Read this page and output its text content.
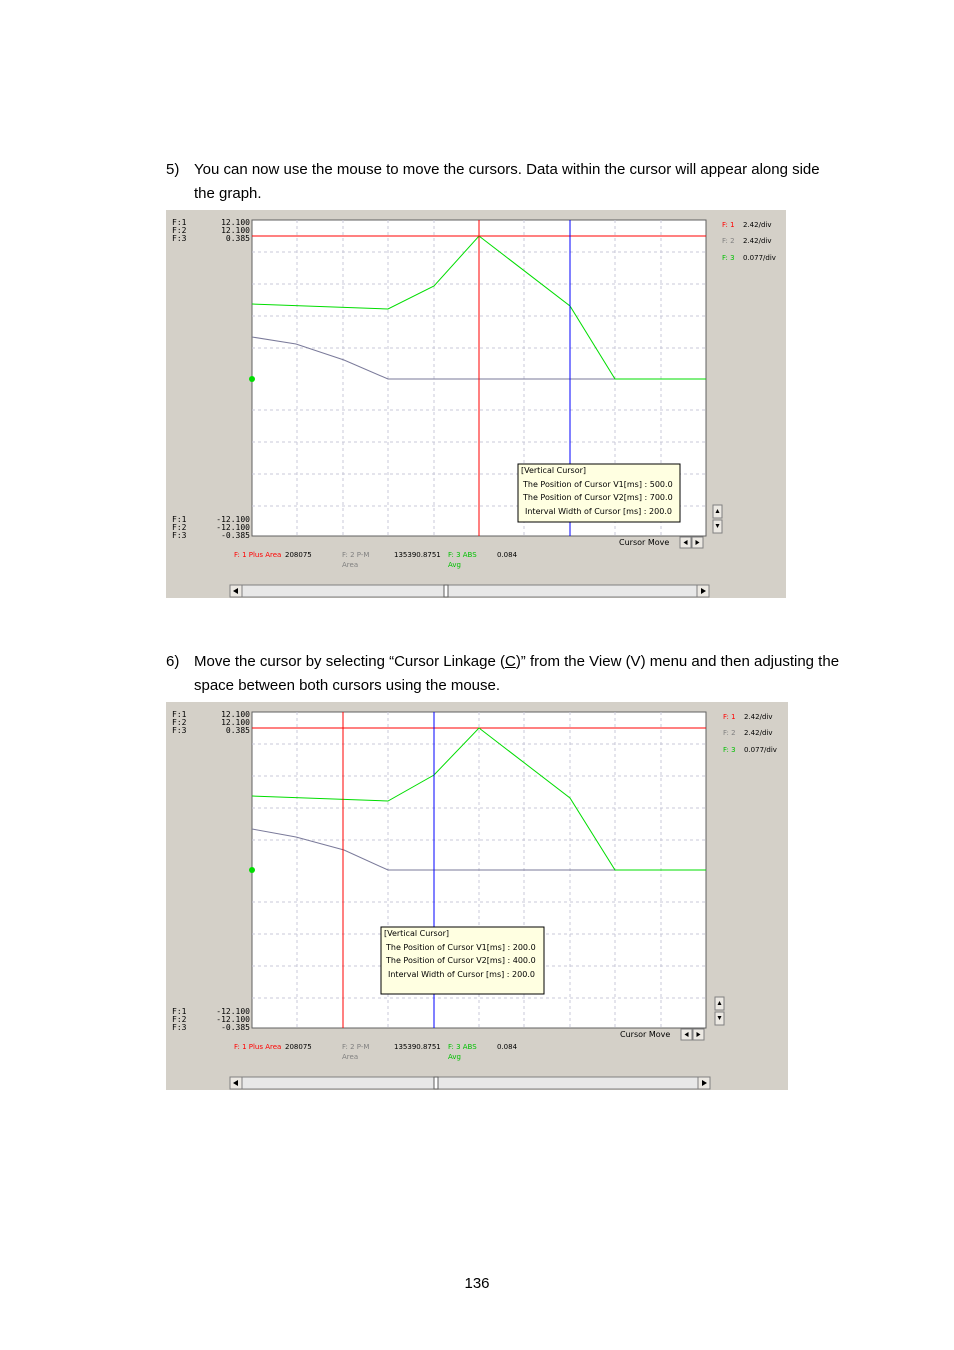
5) You can now use the mouse to move the cursors. Data within the cursor will appear along side the graph.
[Vertical Cursor]
The Position of Cursor V1[ms] : 500.0
The Position of Cursor V2[ms] : 700.0
Interval Width of Cursor [ms] : 200.0
F:1
F:2
F:3
12.100
12.100
0.385
F:1
F:2
F:3
-12.100
-12.100
-0.385
F: 1 2.42/div
F: 2 2.42/div
F: 3 0.077/div
Cursor Move
F: 1 Plus Area 208075	F: 2 P-M
Area
135390.8751 F: 3 ABS
Avg
0.084
6) Move the cursor by selecting “Cursor Linkage (C)” from the View (V) menu and then adjusting the space between both cursors using the mouse.
[Vertical Cursor]
The Position of Cursor V1[ms] : 200.0
The Position of Cursor V2[ms] : 400.0
Interval Width of Cursor [ms] : 200.0
F:1
F:2
F:3
12.100
12.100
0.385
F:1
F:2
F:3
-12.100
-12.100
-0.385
F: 1 2.42/div
F: 2 2.42/div
F: 3 0.077/div
Cursor Move
F: 1 Plus Area 208075	F: 2 P-M
Area
135390.8751 F: 3 ABS
Avg
0.084
136
